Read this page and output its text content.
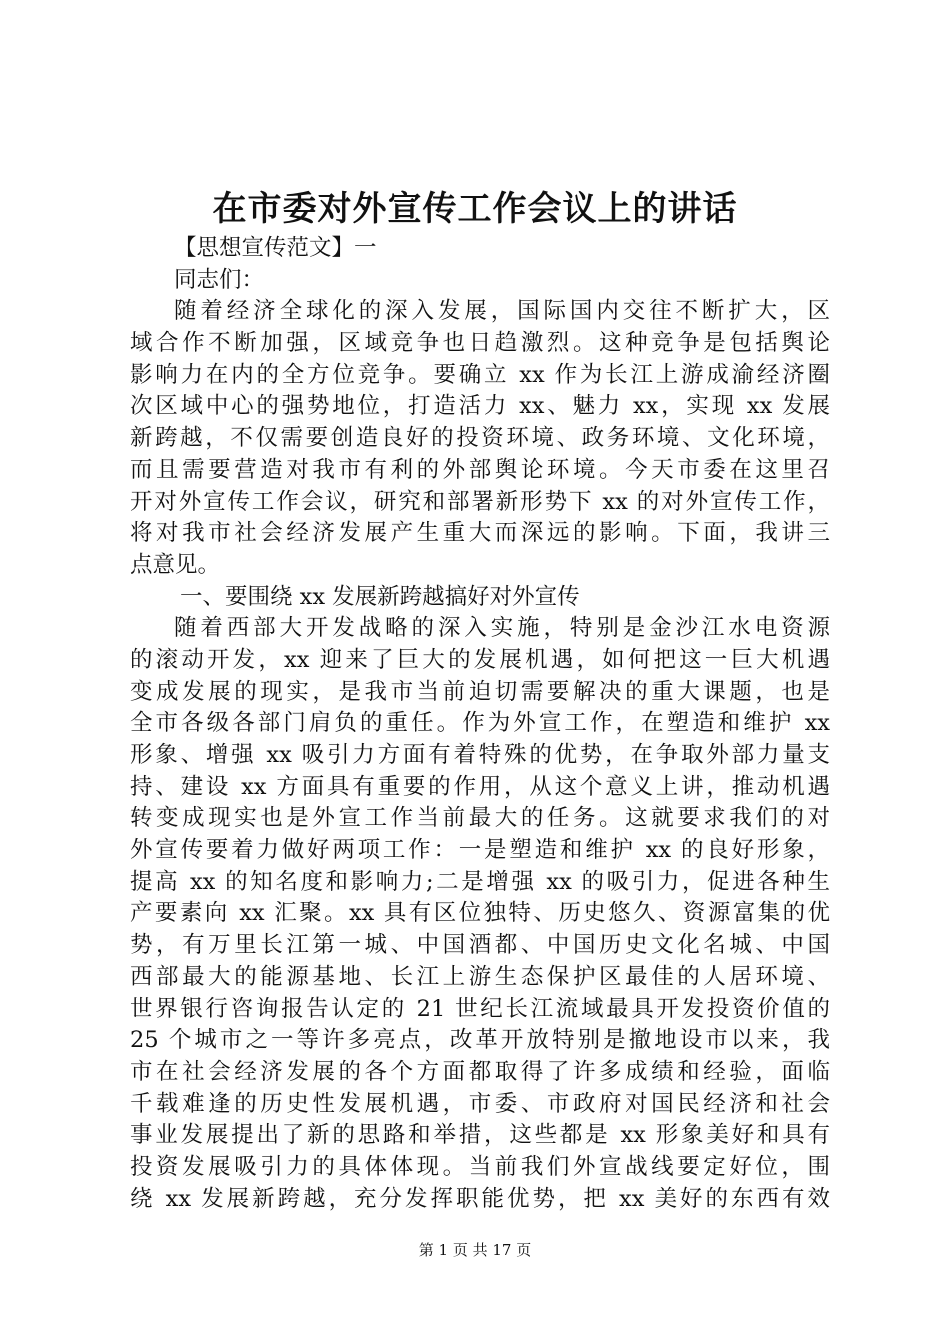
在市委对外宣传工作会议上的讲话
【思想宣传范文】一
同志们：

随着经济全球化的深入发展，国际国内交往不断扩大，区
域合作不断加强，区域竞争也日趋激烈。这种竞争是包括舆论
影响力在内的全方位竞争。要确立 xx 作为长江上游成渝经济圈
次区域中心的强势地位，打造活力 xx、魅力 xx，实现 xx 发展
新跨越，不仅需要创造良好的投资环境、政务环境、文化环境，
而且需要营造对我市有利的外部舆论环境。今天市委在这里召
开对外宣传工作会议，研究和部署新形势下 xx 的对外宣传工作，
将对我市社会经济发展产生重大而深远的影响。下面，我讲三
点意见。

一、要围绕 xx 发展新跨越搞好对外宣传

随着西部大开发战略的深入实施，特别是金沙江水电资源
的滚动开发，xx 迎来了巨大的发展机遇，如何把这一巨大机遇
变成发展的现实，是我市当前迫切需要解决的重大课题，也是
全市各级各部门肩负的重任。作为外宣工作，在塑造和维护 xx
形象、增强 xx 吸引力方面有着特殊的优势，在争取外部力量支
持、建设 xx 方面具有重要的作用，从这个意义上讲，推动机遇
转变成现实也是外宣工作当前最大的任务。这就要求我们的对
外宣传要着力做好两项工作：一是塑造和维护 xx 的良好形象，
提高 xx 的知名度和影响力;二是增强 xx 的吸引力，促进各种生
产要素向 xx 汇聚。xx 具有区位独特、历史悠久、资源富集的优
势，有万里长江第一城、中国酒都、中国历史文化名城、中国
西部最大的能源基地、长江上游生态保护区最佳的人居环境、
世界银行咨询报告认定的 21 世纪长江流域最具开发投资价值的
25 个城市之一等许多亮点，改革开放特别是撤地设市以来，我
市在社会经济发展的各个方面都取得了许多成绩和经验，面临
千载难逢的历史性发展机遇，市委、市政府对国民经济和社会
事业发展提出了新的思路和举措，这些都是 xx 形象美好和具有
投资发展吸引力的具体体现。当前我们外宣战线要定好位，围
绕 xx 发展新跨越，充分发挥职能优势，把 xx 美好的东西有效

第 1 页 共 17 页
